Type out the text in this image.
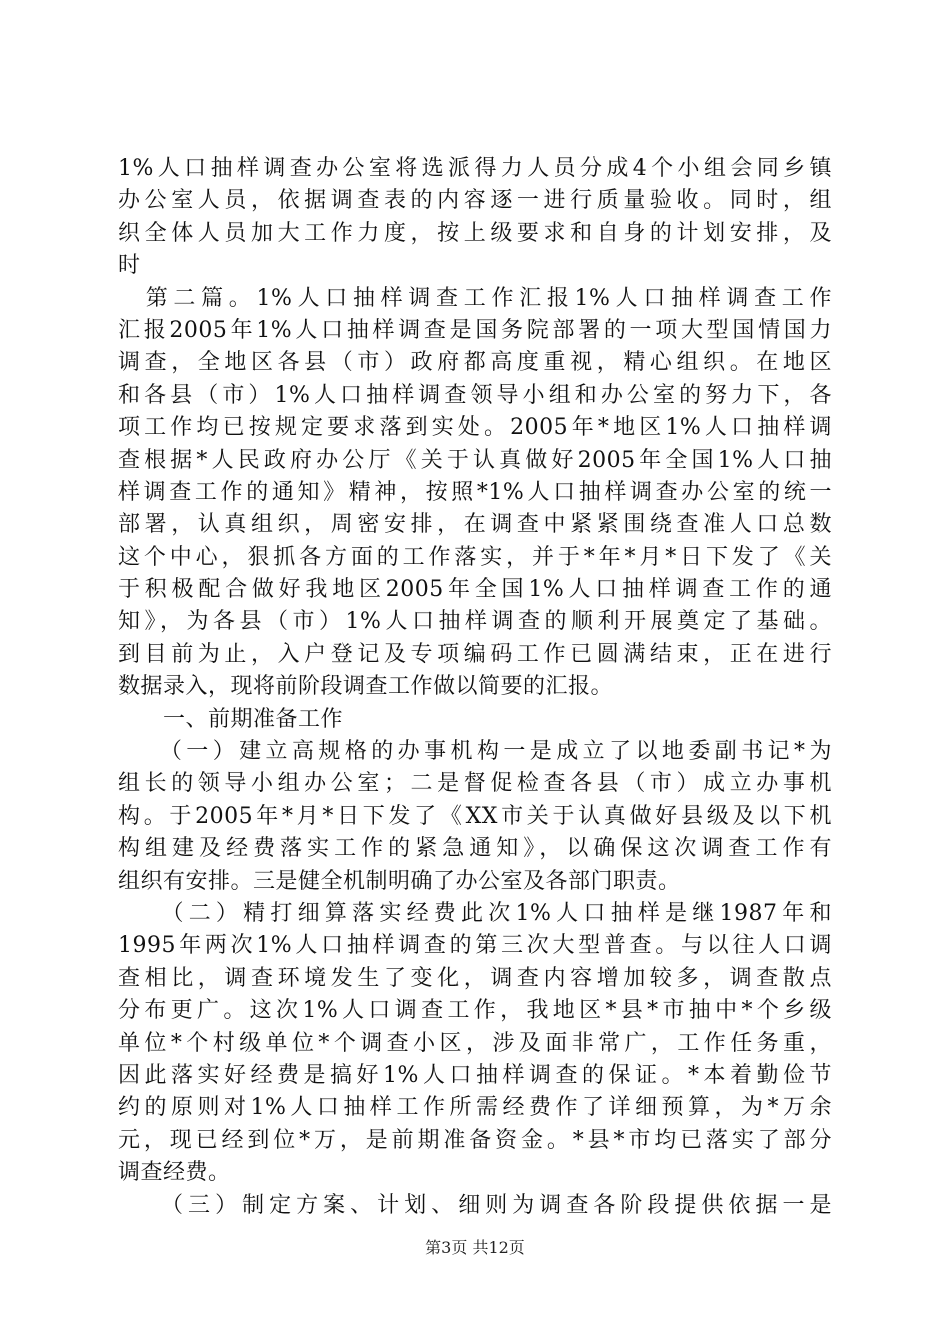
1%人口抽样调查办公室将选派得力人员分成4个小组会同乡镇
办公室人员，依据调查表的内容逐一进行质量验收。同时，组
织全体人员加大工作力度，按上级要求和自身的计划安排，及
时
　第二篇。1%人口抽样调查工作汇报1%人口抽样调查工作
汇报2005年1%人口抽样调查是国务院部署的一项大型国情国力
调查，全地区各县（市）政府都高度重视，精心组织。在地区
和各县（市）1%人口抽样调查领导小组和办公室的努力下，各
项工作均已按规定要求落到实处。2005年*地区1%人口抽样调
查根据*人民政府办公厅《关于认真做好2005年全国1%人口抽
样调查工作的通知》精神，按照*1%人口抽样调查办公室的统一
部署，认真组织，周密安排，在调查中紧紧围绕查准人口总数
这个中心，狠抓各方面的工作落实，并于*年*月*日下发了《关
于积极配合做好我地区2005年全国1%人口抽样调查工作的通
知》，为各县（市）1%人口抽样调查的顺利开展奠定了基础。
到目前为止，入户登记及专项编码工作已圆满结束，正在进行
数据录入，现将前阶段调查工作做以简要的汇报。
　　一、前期准备工作
　　（一）建立高规格的办事机构一是成立了以地委副书记*为
组长的领导小组办公室；二是督促检查各县（市）成立办事机
构。于2005年*月*日下发了《XX市关于认真做好县级及以下机
构组建及经费落实工作的紧急通知》，以确保这次调查工作有
组织有安排。三是健全机制明确了办公室及各部门职责。
　　（二）精打细算落实经费此次1%人口抽样是继1987年和
1995年两次1%人口抽样调查的第三次大型普查。与以往人口调
查相比，调查环境发生了变化，调查内容增加较多，调查散点
分布更广。这次1%人口调查工作，我地区*县*市抽中*个乡级
单位*个村级单位*个调查小区，涉及面非常广，工作任务重，
因此落实好经费是搞好1%人口抽样调查的保证。*本着勤俭节
约的原则对1%人口抽样工作所需经费作了详细预算，为*万余
元，现已经到位*万，是前期准备资金。*县*市均已落实了部分
调查经费。
　　（三）制定方案、计划、细则为调查各阶段提供依据一是
第3页 共12页
